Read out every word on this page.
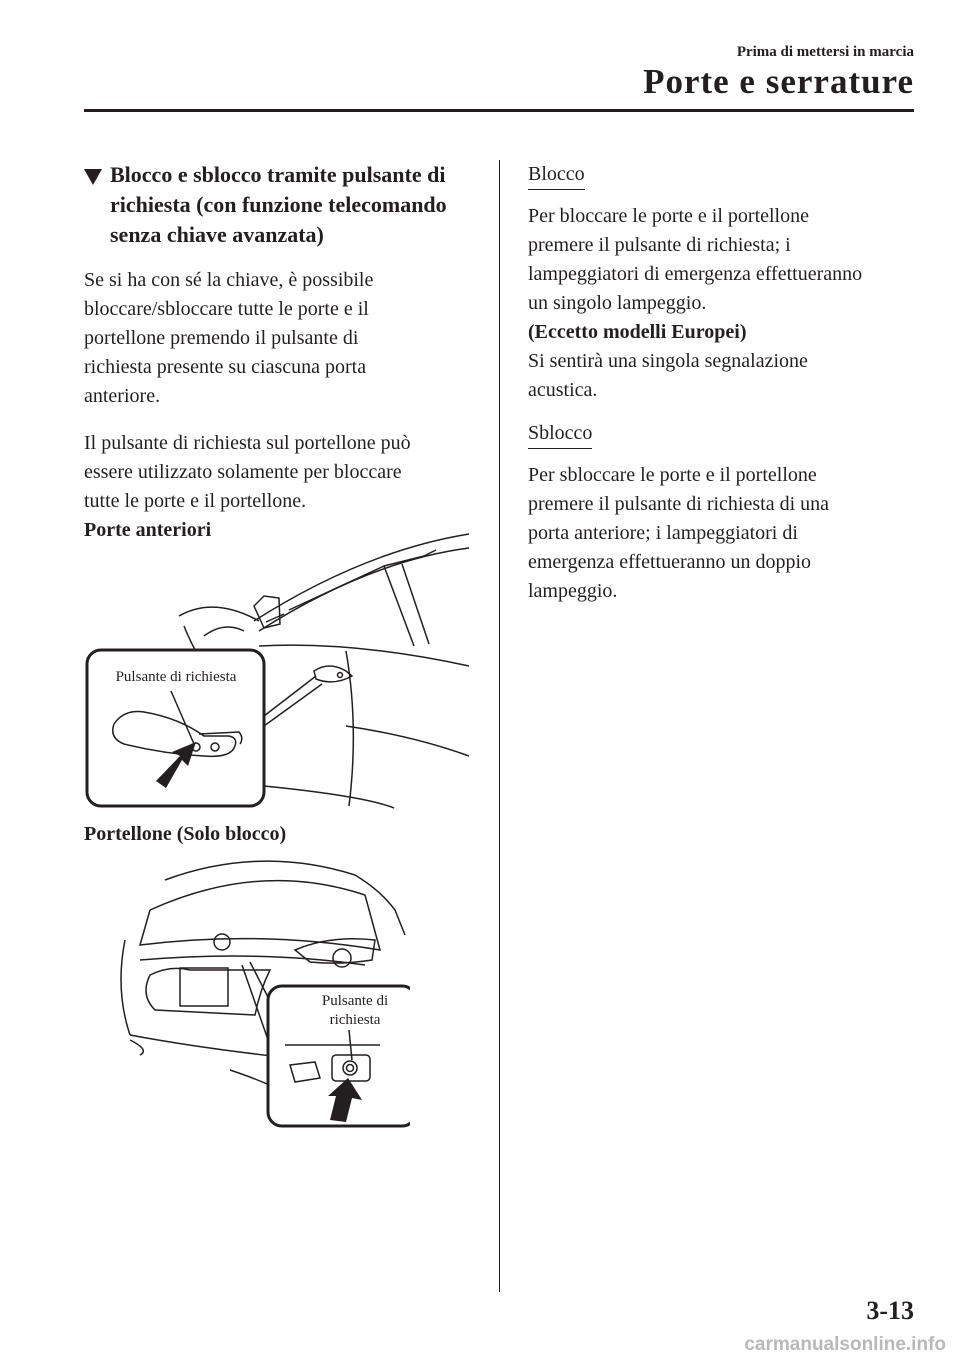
Prima di mettersi in marcia
Porte e serrature
Blocco e sblocco tramite pulsante di
richiesta (con funzione telecomando
senza chiave avanzata)

Se si ha con sé la chiave, è possibile
bloccare/sbloccare tutte le porte e il
portellone premendo il pulsante di
richiesta presente su ciascuna porta
anteriore.

Il pulsante di richiesta sul portellone può
essere utilizzato solamente per bloccare
tutte le porte e il portellone.

Porte anteriori

Pulsante di richiesta

Portellone (Solo blocco)

Pulsante di
richiesta
Blocco

Per bloccare le porte e il portellone
premere il pulsante di richiesta; i
lampeggiatori di emergenza effettueranno
un singolo lampeggio.

(Eccetto modelli Europei)

Si sentirà una singola segnalazione
acustica.

Sblocco

Per sbloccare le porte e il portellone
premere il pulsante di richiesta di una
porta anteriore; i lampeggiatori di
emergenza effettueranno un doppio
lampeggio.

3-13
carmanualsonline.info
